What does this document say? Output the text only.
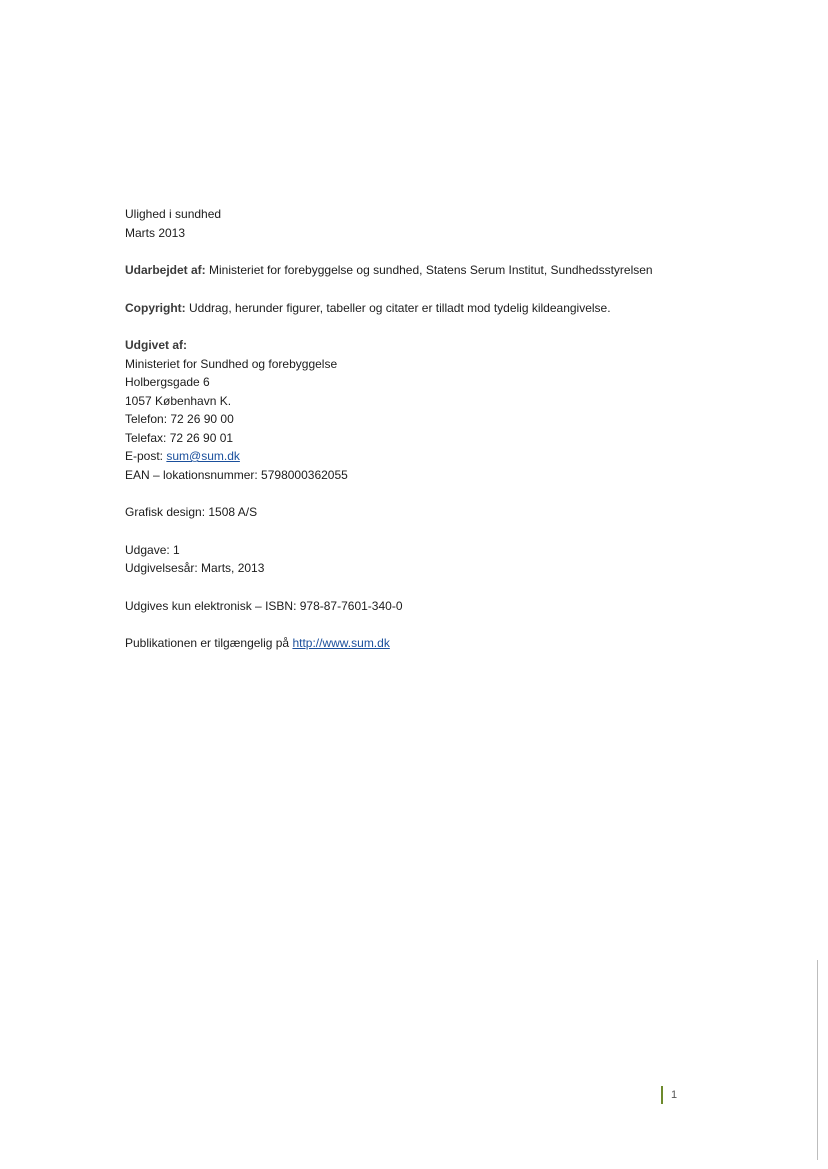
Ulighed i sundhed
Marts 2013
Udarbejdet af: Ministeriet for forebyggelse og sundhed, Statens Serum Institut, Sundhedsstyrelsen
Copyright: Uddrag, herunder figurer, tabeller og citater er tilladt mod tydelig kildeangivelse.
Udgivet af:
Ministeriet for Sundhed og forebyggelse
Holbergsgade 6
1057 København K.
Telefon: 72 26 90 00
Telefax: 72 26 90 01
E-post: sum@sum.dk
EAN – lokationsnummer: 5798000362055
Grafisk design: 1508 A/S
Udgave: 1
Udgivelsesår: Marts, 2013
Udgives kun elektronisk – ISBN: 978-87-7601-340-0
Publikationen er tilgængelig på http://www.sum.dk
1
